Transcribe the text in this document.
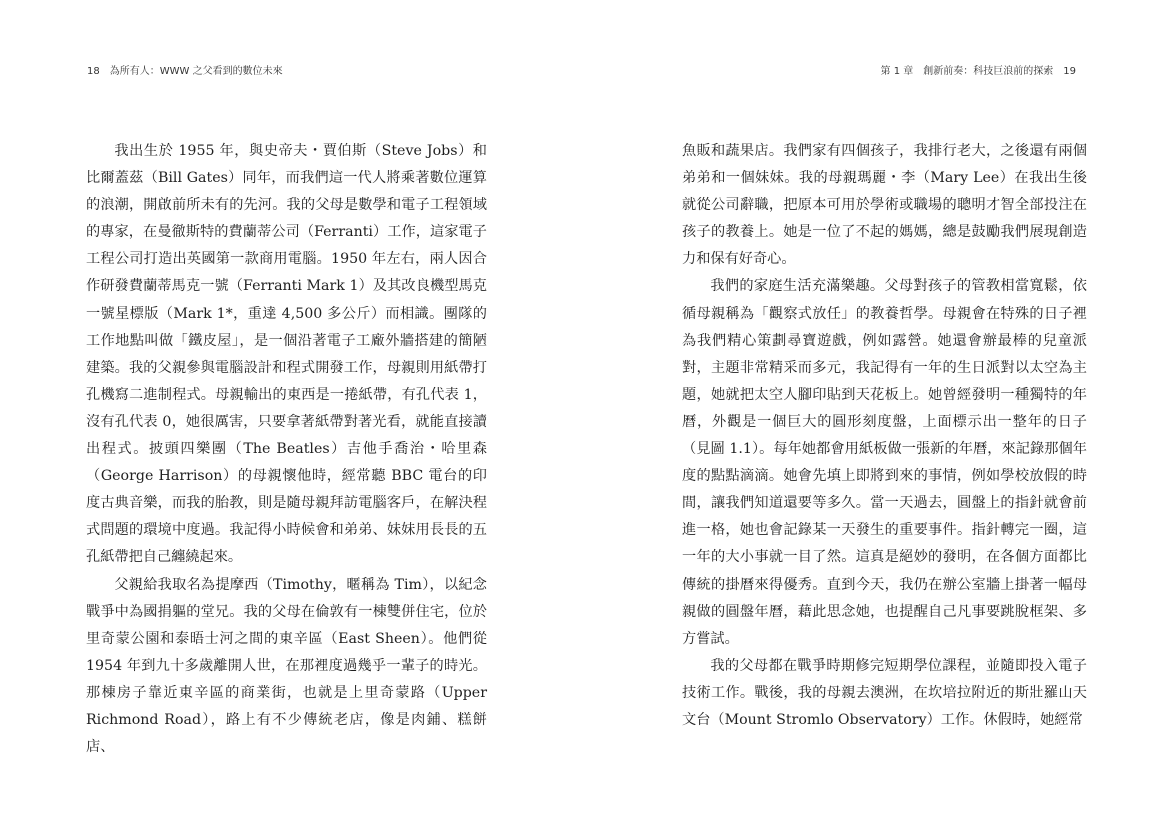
18 為所有人：WWW 之父看到的數位未來

我出生於 1955 年，與史帝夫・賈伯斯（Steve Jobs）和比爾蓋茲（Bill Gates）同年，而我們這一代人將乘著數位運算的浪潮，開啟前所未有的先河。我的父母是數學和電子工程領域的專家，在曼徹斯特的費蘭蒂公司（Ferranti）工作，這家電子工程公司打造出英國第一款商用電腦。1950 年左右，兩人因合作研發費蘭蒂馬克一號（Ferranti Mark 1）及其改良機型馬克一號星標版（Mark 1*，重達 4,500 多公斤）而相識。團隊的工作地點叫做「鐵皮屋」，是一個沿著電子工廠外牆搭建的簡陋建築。我的父親參與電腦設計和程式開發工作，母親則用紙帶打孔機寫二進制程式。母親輸出的東西是一捲紙帶，有孔代表 1，沒有孔代表 0，她很厲害，只要拿著紙帶對著光看，就能直接讀出程式。披頭四樂團（The Beatles）吉他手喬治・哈里森（George Harrison）的母親懷他時，經常聽 BBC 電台的印度古典音樂，而我的胎教，則是隨母親拜訪電腦客戶，在解決程式問題的環境中度過。我記得小時候會和弟弟、妹妹用長長的五孔紙帶把自己纏繞起來。

父親給我取名為提摩西（Timothy，暱稱為 Tim），以紀念戰爭中為國捐軀的堂兄。我的父母在倫敦有一棟雙併住宅，位於里奇蒙公園和泰晤士河之間的東辛區（East Sheen）。他們從 1954 年到九十多歲離開人世，在那裡度過幾乎一輩子的時光。那棟房子靠近東辛區的商業街，也就是上里奇蒙路（Upper Richmond Road），路上有不少傳統老店，像是肉鋪、糕餅店、

第 1 章　創新前奏：科技巨浪前的探索 19

魚販和蔬果店。我們家有四個孩子，我排行老大，之後還有兩個弟弟和一個妹妹。我的母親瑪麗・李（Mary Lee）在我出生後就從公司辭職，把原本可用於學術或職場的聰明才智全部投注在孩子的教養上。她是一位了不起的媽媽，總是鼓勵我們展現創造力和保有好奇心。

我們的家庭生活充滿樂趣。父母對孩子的管教相當寬鬆，依循母親稱為「觀察式放任」的教養哲學。母親會在特殊的日子裡為我們精心策劃尋寶遊戲，例如露營。她還會辦最棒的兒童派對，主題非常精采而多元，我記得有一年的生日派對以太空為主題，她就把太空人腳印貼到天花板上。她曾經發明一種獨特的年曆，外觀是一個巨大的圓形刻度盤，上面標示出一整年的日子（見圖 1.1）。每年她都會用紙板做一張新的年曆，來記錄那個年度的點點滴滴。她會先填上即將到來的事情，例如學校放假的時間，讓我們知道還要等多久。當一天過去，圓盤上的指針就會前進一格，她也會記錄某一天發生的重要事件。指針轉完一圈，這一年的大小事就一目了然。這真是絕妙的發明，在各個方面都比傳統的掛曆來得優秀。直到今天，我仍在辦公室牆上掛著一幅母親做的圓盤年曆，藉此思念她，也提醒自己凡事要跳脫框架、多方嘗試。

我的父母都在戰爭時期修完短期學位課程，並隨即投入電子技術工作。戰後，我的母親去澳洲，在坎培拉附近的斯壯羅山天文台（Mount Stromlo Observatory）工作。休假時，她經常
